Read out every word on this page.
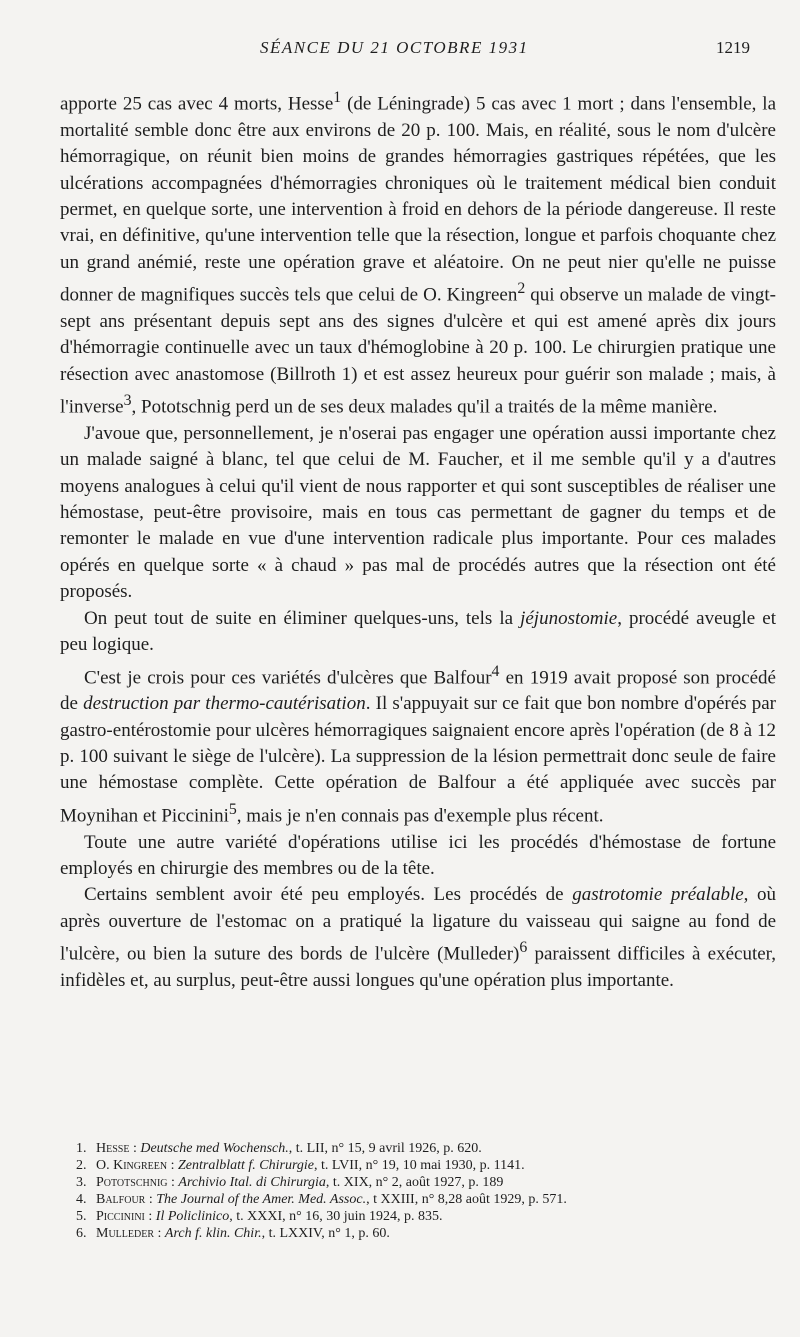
SÉANCE DU 21 OCTOBRE 1931	1219

apporte 25 cas avec 4 morts, Hesse$^1$ (de Léningrade) 5 cas avec 1 mort ; dans l'ensemble, la mortalité semble donc être aux environs de 20 p. 100. Mais, en réalité, sous le nom d'ulcère hémorragique, on réunit bien moins de grandes hémorragies gastriques répétées, que les ulcérations accompagnées d'hémorragies chroniques où le traitement médical bien conduit permet, en quelque sorte, une intervention à froid en dehors de la période dangereuse. Il reste vrai, en définitive, qu'une intervention telle que la résection, longue et parfois choquante chez un grand anémié, reste une opération grave et aléatoire. On ne peut nier qu'elle ne puisse donner de magnifiques succès tels que celui de O. Kingreen$^2$ qui observe un malade de vingt-sept ans présentant depuis sept ans des signes d'ulcère et qui est amené après dix jours d'hémorragie continuelle avec un taux d'hémoglobine à 20 p. 100. Le chirurgien pratique une résection avec anastomose (Billroth 1) et est assez heureux pour guérir son malade ; mais, à l'inverse$^3$, Pototschnig perd un de ses deux malades qu'il a traités de la même manière.

J'avoue que, personnellement, je n'oserai pas engager une opération aussi importante chez un malade saigné à blanc, tel que celui de M. Faucher, et il me semble qu'il y a d'autres moyens analogues à celui qu'il vient de nous rapporter et qui sont susceptibles de réaliser une hémostase, peut-être provisoire, mais en tous cas permettant de gagner du temps et de remonter le malade en vue d'une intervention radicale plus importante. Pour ces malades opérés en quelque sorte « à chaud » pas mal de procédés autres que la résection ont été proposés.

On peut tout de suite en éliminer quelques-uns, tels la jéjunostomie, procédé aveugle et peu logique.

C'est je crois pour ces variétés d'ulcères que Balfour$^4$ en 1919 avait proposé son procédé de destruction par thermo-cautérisation. Il s'appuyait sur ce fait que bon nombre d'opérés par gastro-entérostomie pour ulcères hémorragiques saignaient encore après l'opération (de 8 à 12 p. 100 suivant le siège de l'ulcère). La suppression de la lésion permettrait donc seule de faire une hémostase complète. Cette opération de Balfour a été appliquée avec succès par Moynihan et Piccinini$^5$, mais je n'en connais pas d'exemple plus récent.

Toute une autre variété d'opérations utilise ici les procédés d'hémostase de fortune employés en chirurgie des membres ou de la tête.

Certains semblent avoir été peu employés. Les procédés de gastrotomie préalable, où après ouverture de l'estomac on a pratiqué la ligature du vaisseau qui saigne au fond de l'ulcère, ou bien la suture des bords de l'ulcère (Mulleder)$^6$ paraissent difficiles à exécuter, infidèles et, au surplus, peut-être aussi longues qu'une opération plus importante.

1. Hesse : Deutsche med Wochensch., t. LII, n° 15, 9 avril 1926, p. 620.
2. O. Kingreen : Zentralblatt f. Chirurgie, t. LVII, n° 19, 10 mai 1930, p. 1141.
3. Pototschnig : Archivio Ital. di Chirurgia, t. XIX, n° 2, août 1927, p. 189
4. Balfour : The Journal of the Amer. Med. Assoc., t XXIII, n° 8,28 août 1929, p. 571.
5. Piccinini : Il Policlinico, t. XXXI, n° 16, 30 juin 1924, p. 835.
6. Mulleder : Arch f. klin. Chir., t. LXXIV, n° 1, p. 60.
